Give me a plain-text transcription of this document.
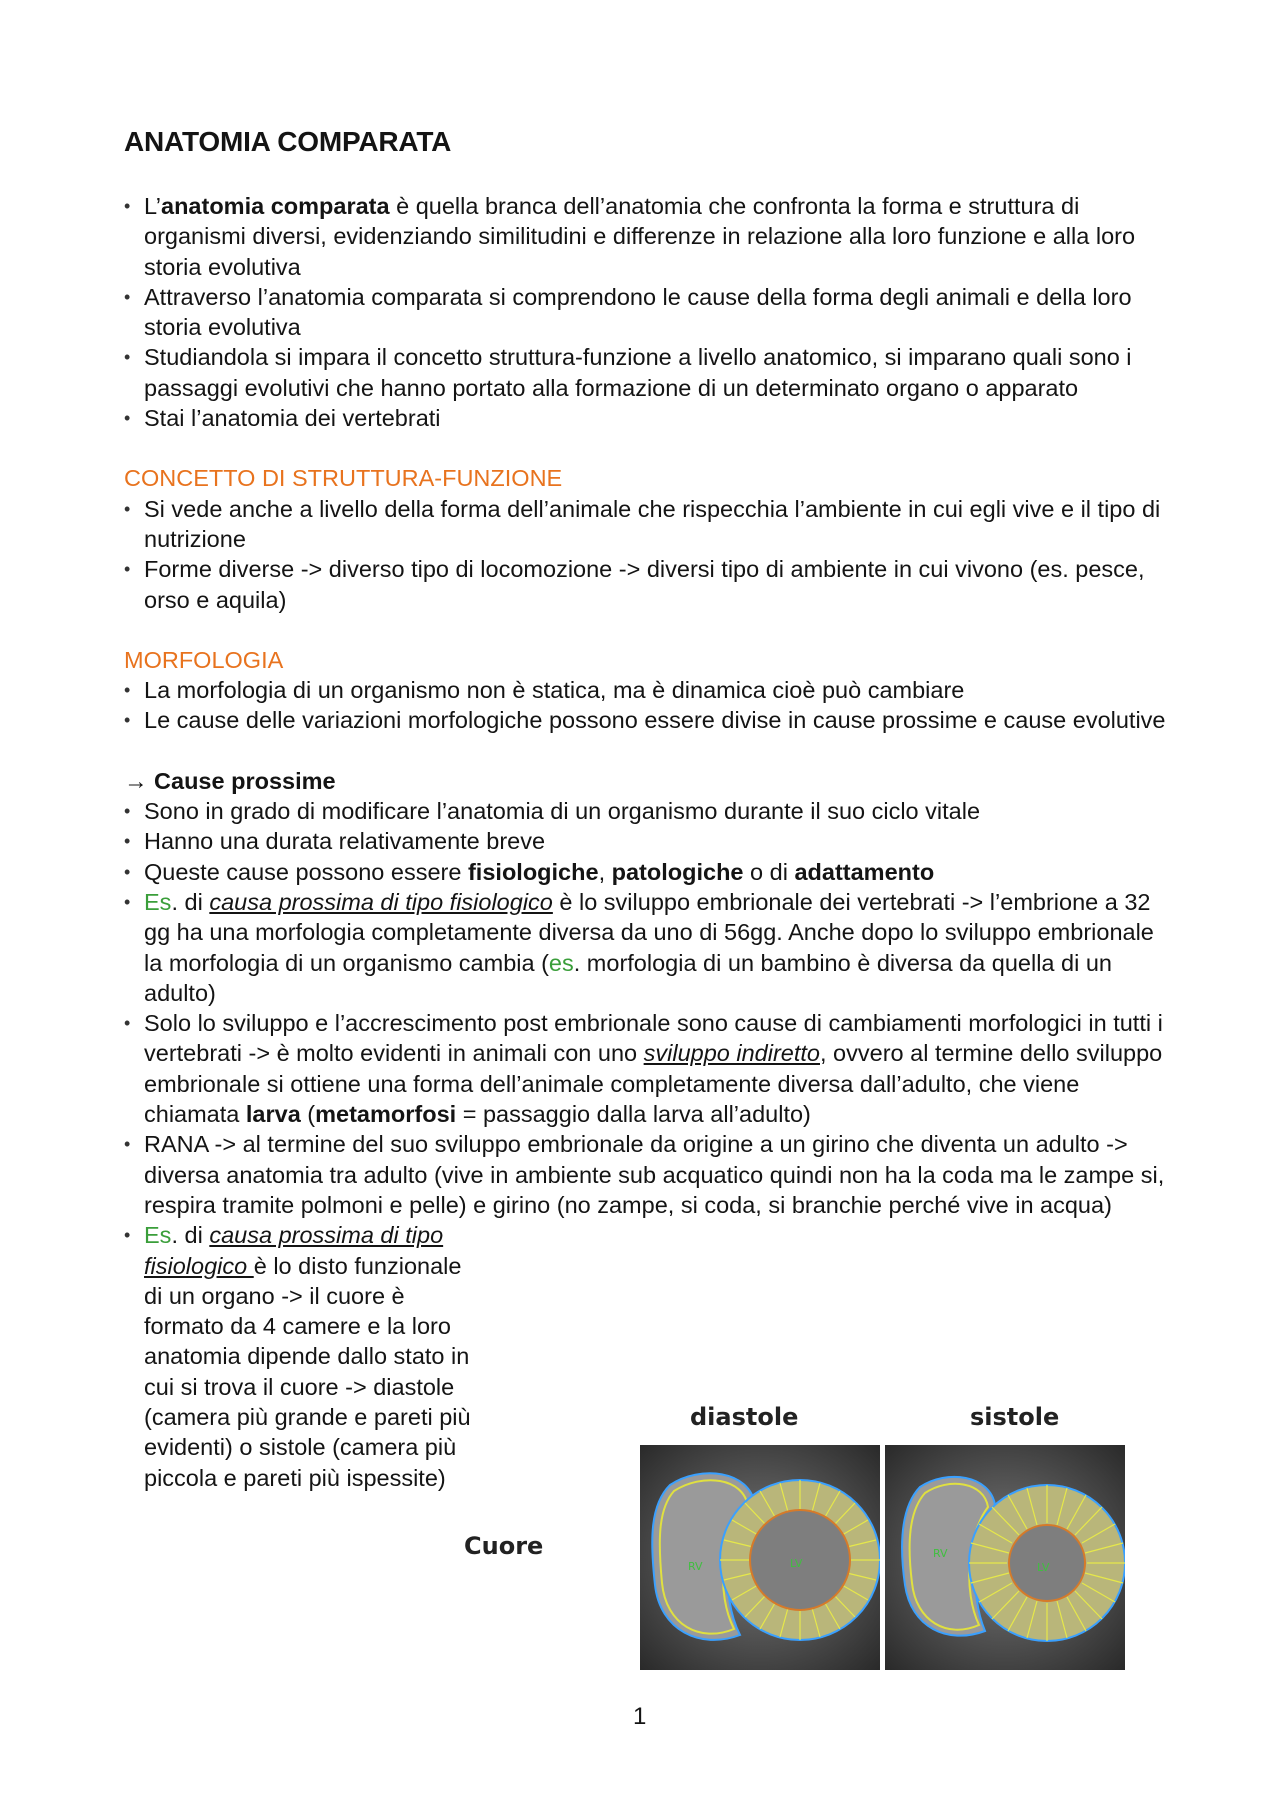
ANATOMIA COMPARATA
• L’anatomia comparata è quella branca dell’anatomia che confronta la forma e struttura di organismi diversi, evidenziando similitudini e differenze in relazione alla loro funzione e alla loro storia evolutiva
• Attraverso l’anatomia comparata si comprendono le cause della forma degli animali e della loro storia evolutiva
• Studiandola si impara il concetto struttura-funzione a livello anatomico, si imparano quali sono i passaggi evolutivi che hanno portato alla formazione di un determinato organo o apparato
• Stai l’anatomia dei vertebrati
CONCETTO DI STRUTTURA-FUNZIONE
• Si vede anche a livello della forma dell’animale che rispecchia l’ambiente in cui egli vive e il tipo di nutrizione
• Forme diverse -> diverso tipo di locomozione -> diversi tipo di ambiente in cui vivono (es. pesce, orso e aquila)
MORFOLOGIA
• La morfologia di un organismo non è statica, ma è dinamica cioè può cambiare
• Le cause delle variazioni morfologiche possono essere divise in cause prossime e cause evolutive
→ Cause prossime
• Sono in grado di modificare l’anatomia di un organismo durante il suo ciclo vitale
• Hanno una durata relativamente breve
• Queste cause possono essere fisiologiche, patologiche o di adattamento
• Es. di causa prossima di tipo fisiologico è lo sviluppo embrionale dei vertebrati -> l’embrione a 32 gg ha una morfologia completamente diversa da uno di 56gg. Anche dopo lo sviluppo embrionale la morfologia di un organismo cambia (es. morfologia di un bambino è diversa da quella di un adulto)
• Solo lo sviluppo e l’accrescimento post embrionale sono cause di cambiamenti morfologici in tutti i vertebrati -> è molto evidenti in animali con uno sviluppo indiretto, ovvero al termine dello sviluppo embrionale si ottiene una forma dell’animale completamente diversa dall’adulto, che viene chiamata larva (metamorfosi = passaggio dalla larva all’adulto)
• RANA -> al termine del suo sviluppo embrionale da origine a un girino che diventa un adulto -> diversa anatomia tra adulto (vive in ambiente sub acquatico quindi non ha la coda ma le zampe si, respira tramite polmoni e pelle) e girino (no zampe, si coda, si branchie perché vive in acqua)
• Es. di causa prossima di tipo fisiologico è lo disto funzionale di un organo -> il cuore è formato da 4 camere e la loro anatomia dipende dallo stato in cui si trova il cuore -> diastole (camera più grande e pareti più evidenti) o sistole (camera più piccola e pareti più ispessite)
diastole	sistole
Cuore
RV	LV
RV
LV
1
